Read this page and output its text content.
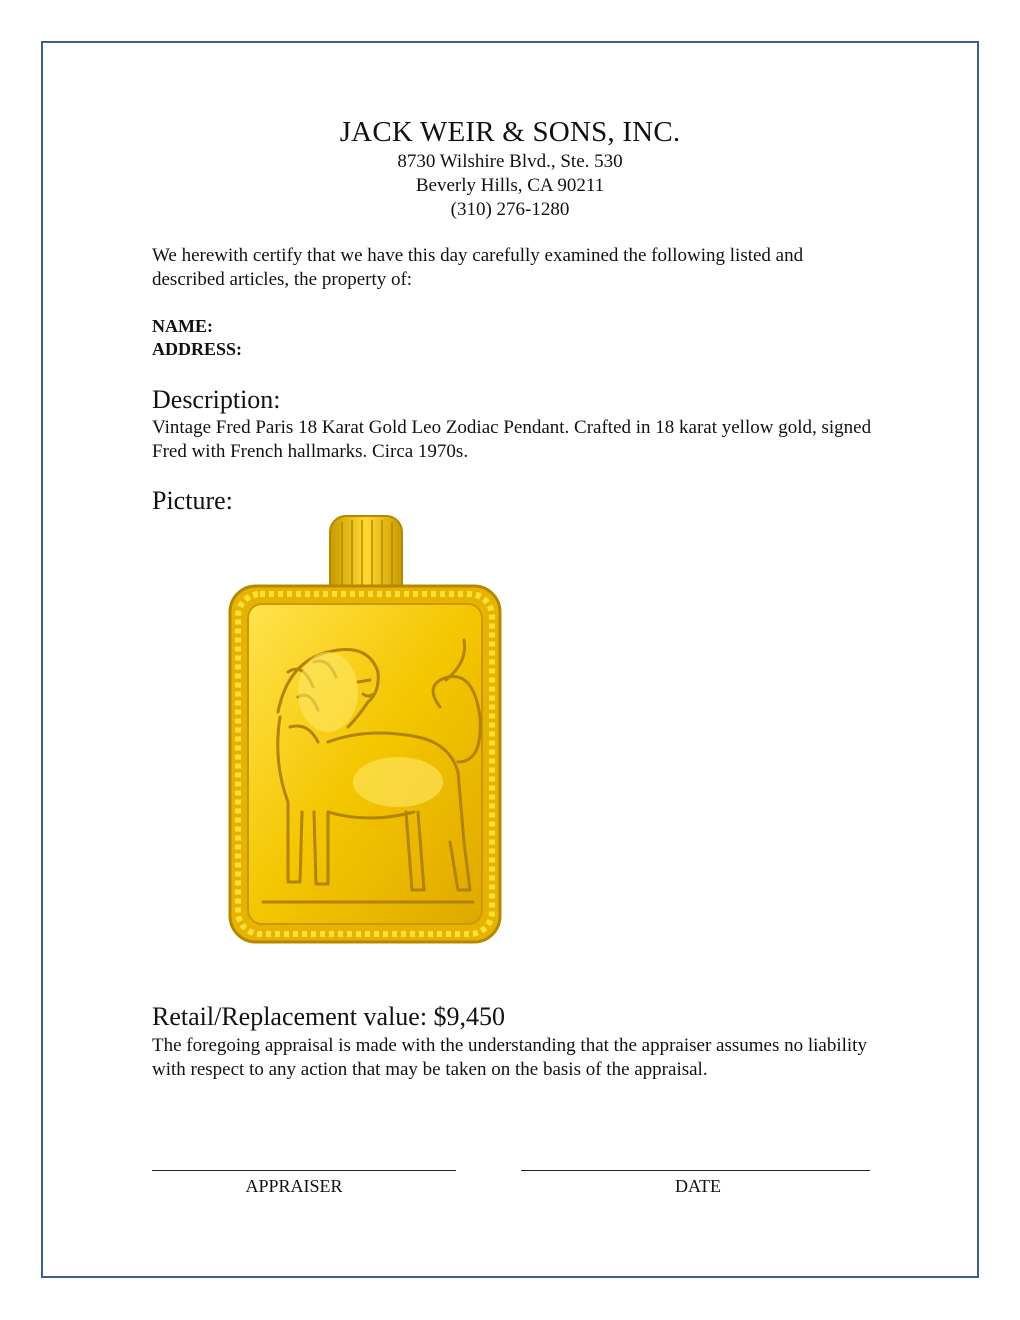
JACK WEIR & SONS, INC.
8730 Wilshire Blvd., Ste. 530
Beverly Hills, CA 90211
(310) 276-1280
We herewith certify that we have this day carefully examined the following listed and described articles, the property of:
NAME:
ADDRESS:
Description:
Vintage Fred Paris 18 Karat Gold Leo Zodiac Pendant. Crafted in 18 karat yellow gold, signed Fred with French hallmarks. Circa 1970s.
Picture:
Retail/Replacement value: $9,450
The foregoing appraisal is made with the understanding that the appraiser assumes no liability with respect to any action that may be taken on the basis of the appraisal.
APPRAISER	DATE
